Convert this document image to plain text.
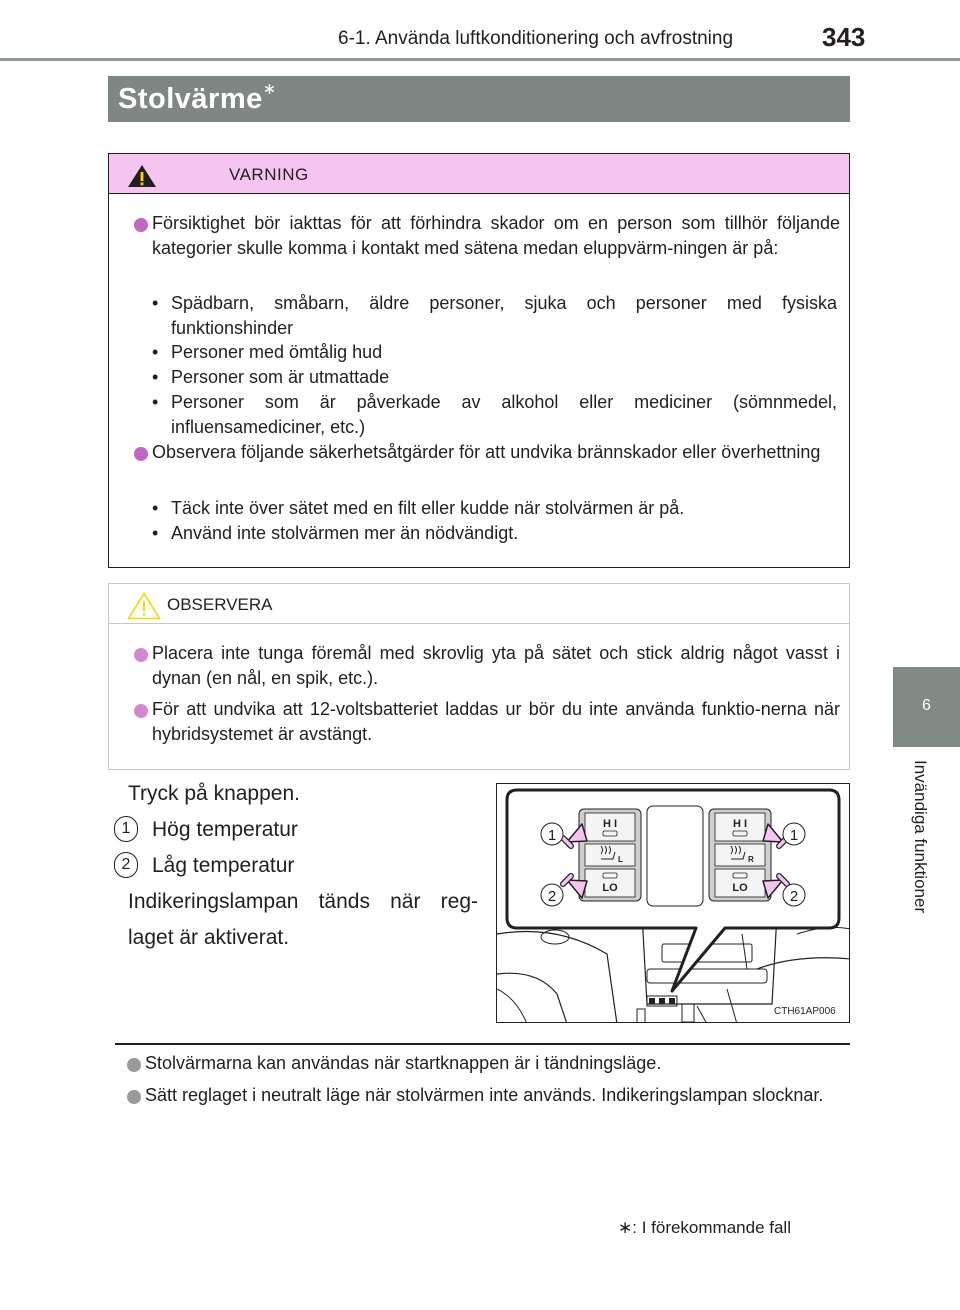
6-1. Använda luftkonditionering och avfrostning	343
6
Invändiga funktioner
Stolvärme∗
VARNING
Försiktighet bör iakttas för att förhindra skador om en person som tillhör följande kategorier skulle komma i kontakt med sätena medan eluppvärm-ningen är på:
• Spädbarn, småbarn, äldre personer, sjuka och personer med fysiska funktionshinder
• Personer med ömtålig hud
• Personer som är utmattade
• Personer som är påverkade av alkohol eller mediciner (sömnmedel, influensamediciner, etc.)
Observera följande säkerhetsåtgärder för att undvika brännskador eller överhettning
• Täck inte över sätet med en filt eller kudde när stolvärmen är på.
• Använd inte stolvärmen mer än nödvändigt.
OBSERVERA
Placera inte tunga föremål med skrovlig yta på sätet och stick aldrig något vasst i dynan (en nål, en spik, etc.).
För att undvika att 12-voltsbatteriet laddas ur bör du inte använda funktio-nerna när hybridsystemet är avstängt.
Tryck på knappen.
1	Hög temperatur
2	Låg temperatur
Indikeringslampan tänds när reg-
laget är aktiverat.
H I
LO
L
H I
LO
R
1
2
1
2
CTH61AP006
Stolvärmarna kan användas när startknappen är i tändningsläge.
Sätt reglaget i neutralt läge när stolvärmen inte används. Indikeringslampan slocknar.
∗: I förekommande fall
